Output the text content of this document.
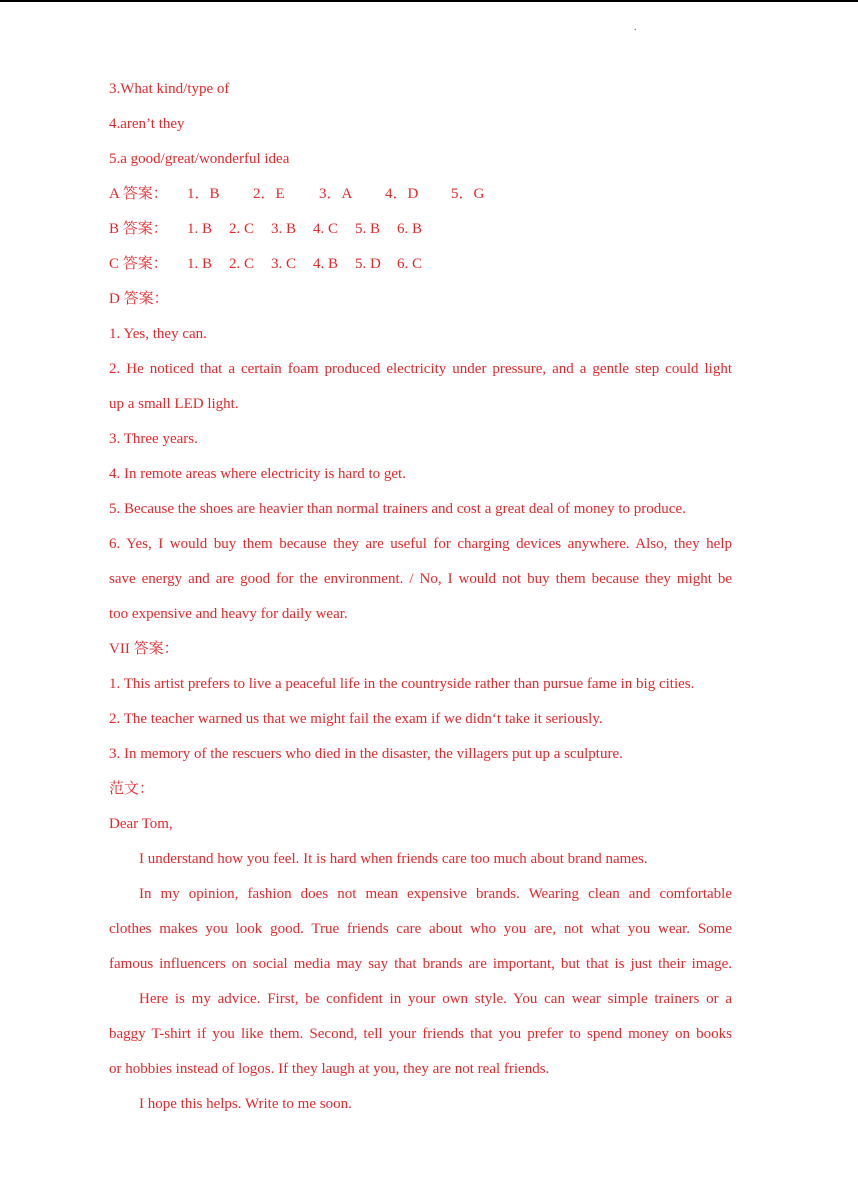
.
3.What kind/type of
4.aren’t they
5.a good/great/wonderful idea
A 答案： 1．B 2．E 3．A 4．D 5．G
B 答案： 1. B 2. C 3. B 4. C 5. B 6. B
C 答案： 1. B 2. C 3. C 4. B 5. D 6. C
D 答案：
1. Yes, they can.
2. He noticed that a certain foam produced electricity under pressure, and a gentle step could light
up a small LED light.
3. Three years.
4. In remote areas where electricity is hard to get.
5. Because the shoes are heavier than normal trainers and cost a great deal of money to produce.
6. Yes, I would buy them because they are useful for charging devices anywhere. Also, they help
save energy and are good for the environment. / No, I would not buy them because they might be
too expensive and heavy for daily wear.
VII 答案：
1. This artist prefers to live a peaceful life in the countryside rather than pursue fame in big cities.
2. The teacher warned us that we might fail the exam if we didn‘t take it seriously.
3. In memory of the rescuers who died in the disaster, the villagers put up a sculpture.
范文：
Dear Tom,
I understand how you feel. It is hard when friends care too much about brand names.
In my opinion, fashion does not mean expensive brands. Wearing clean and comfortable
clothes makes you look good. True friends care about who you are, not what you wear. Some
famous influencers on social media may say that brands are important, but that is just their image.
Here is my advice. First, be confident in your own style. You can wear simple trainers or a
baggy T-shirt if you like them. Second, tell your friends that you prefer to spend money on books
or hobbies instead of logos. If they laugh at you, they are not real friends.
I hope this helps. Write to me soon.
